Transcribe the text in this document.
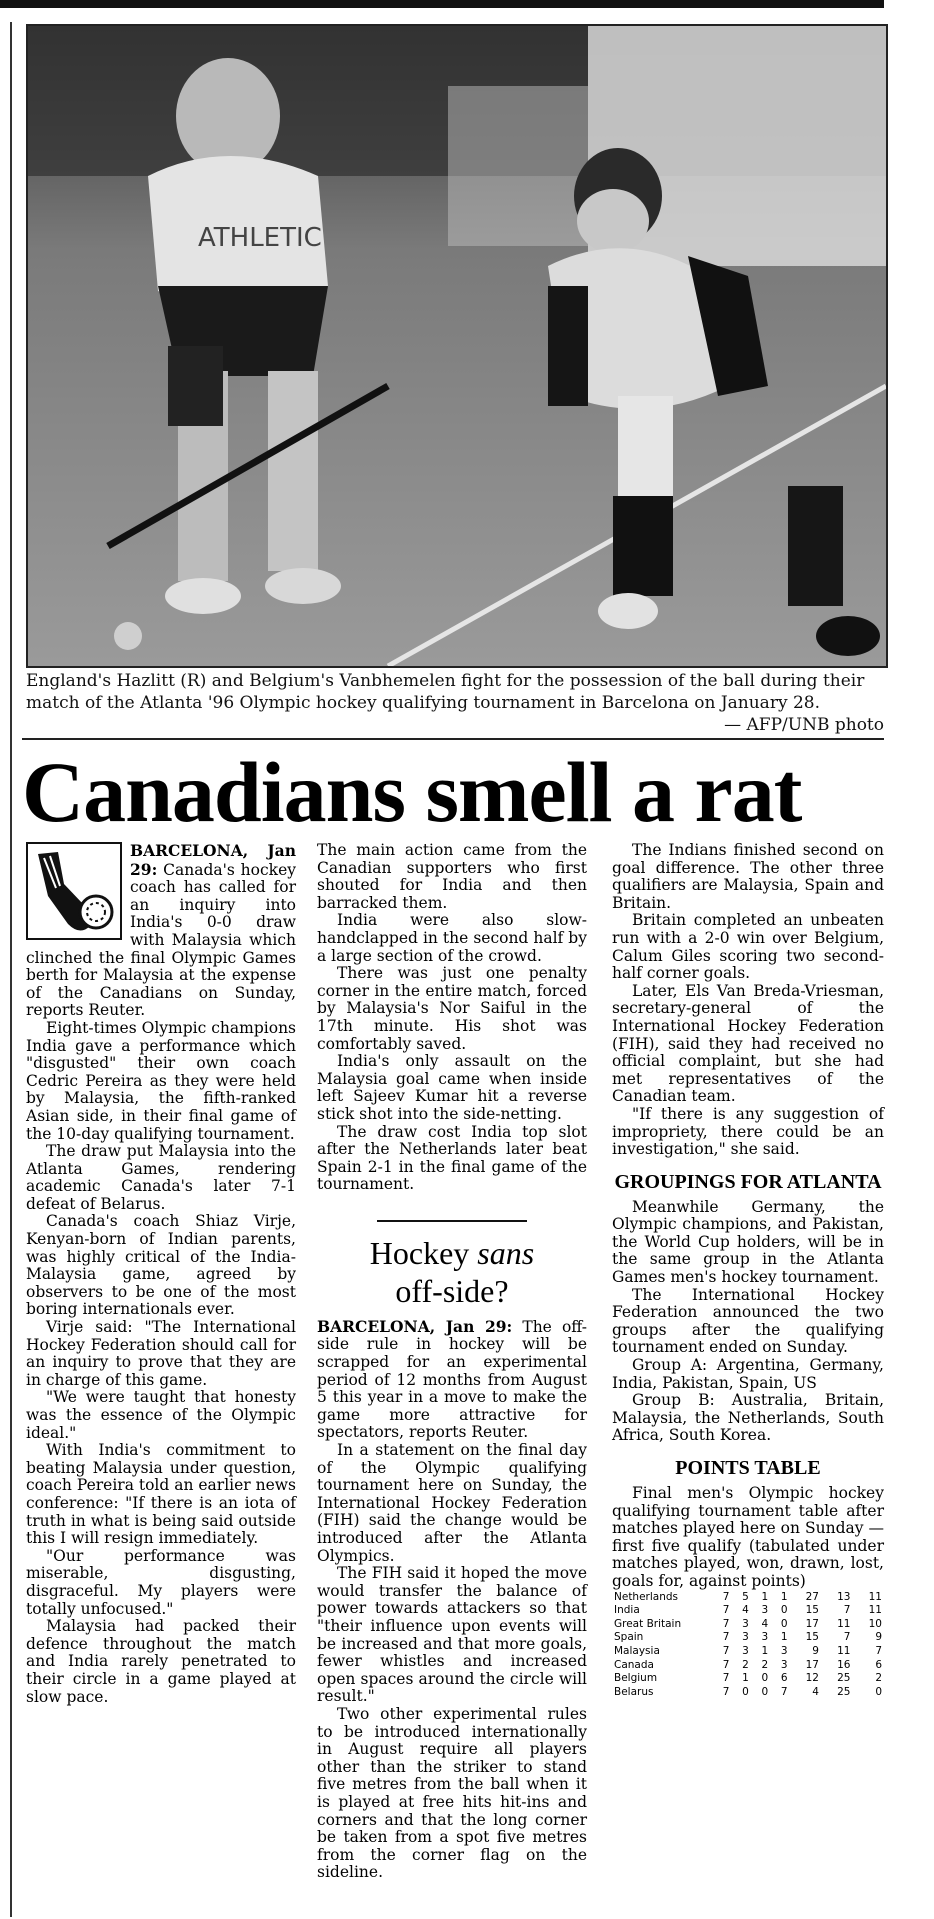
ATHLETIC

England's Hazlitt (R) and Belgium's Vanbhemelen fight for the possession of the ball during their match of the Atlanta '96 Olympic hockey qualifying tournament in Barcelona on January 28.

— AFP/UNB photo

Canadians smell a rat

BARCELONA, Jan 29: Canada's hockey coach has called for an inquiry into India's 0-0 draw with Malaysia which clinched the final Olympic Games berth for Malaysia at the expense of the Canadians on Sunday, reports Reuter.

Eight-times Olympic champions India gave a performance which "disgusted" their own coach Cedric Pereira as they were held by Malaysia, the fifth-ranked Asian side, in their final game of the 10-day qualifying tournament.

The draw put Malaysia into the Atlanta Games, rendering academic Canada's later 7-1 defeat of Belarus.

Canada's coach Shiaz Virje, Kenyan-born of Indian parents, was highly critical of the India-Malaysia game, agreed by observers to be one of the most boring internationals ever.

Virje said: "The International Hockey Federation should call for an inquiry to prove that they are in charge of this game.

"We were taught that honesty was the essence of the Olympic ideal."

With India's commitment to beating Malaysia under question, coach Pereira told an earlier news conference: "If there is an iota of truth in what is being said outside this I will resign immediately.

"Our performance was miserable, disgusting, disgraceful. My players were totally unfocused."

Malaysia had packed their defence throughout the match and India rarely penetrated to their circle in a game played at slow pace.

The main action came from the Canadian supporters who first shouted for India and then barracked them.

India were also slow-handclapped in the second half by a large section of the crowd.

There was just one penalty corner in the entire match, forced by Malaysia's Nor Saiful in the 17th minute. His shot was comfortably saved.

India's only assault on the Malaysia goal came when inside left Sajeev Kumar hit a reverse stick shot into the side-netting.

The draw cost India top slot after the Netherlands later beat Spain 2-1 in the final game of the tournament.

Hockey sans
off-side?

BARCELONA, Jan 29: The off-side rule in hockey will be scrapped for an experimental period of 12 months from August 5 this year in a move to make the game more attractive for spectators, reports Reuter.

In a statement on the final day of the Olympic qualifying tournament here on Sunday, the International Hockey Federation (FIH) said the change would be introduced after the Atlanta Olympics.

The FIH said it hoped the move would transfer the balance of power towards attackers so that "their influence upon events will be increased and that more goals, fewer whistles and increased open spaces around the circle will result."

Two other experimental rules to be introduced internationally in August require all players other than the striker to stand five metres from the ball when it is played at free hits hit-ins and corners and that the long corner be taken from a spot five metres from the corner flag on the sideline.

The Indians finished second on goal difference. The other three qualifiers are Malaysia, Spain and Britain.

Britain completed an unbeaten run with a 2-0 win over Belgium, Calum Giles scoring two second-half corner goals.

Later, Els Van Breda-Vriesman, secretary-general of the International Hockey Federation (FIH), said they had received no official complaint, but she had met representatives of the Canadian team.

"If there is any suggestion of impropriety, there could be an investigation," she said.

GROUPINGS FOR ATLANTA

Meanwhile Germany, the Olympic champions, and Pakistan, the World Cup holders, will be in the same group in the Atlanta Games men's hockey tournament.

The International Hockey Federation announced the two groups after the qualifying tournament ended on Sunday.

Group A: Argentina, Germany, India, Pakistan, Spain, US

Group B: Australia, Britain, Malaysia, the Netherlands, South Africa, South Korea.

POINTS TABLE

Final men's Olympic hockey qualifying tournament table after matches played here on Sunday — first five qualify (tabulated under matches played, won, drawn, lost, goals for, against points)

Netherlands	7	5	1	1	27	13	11
India	7	4	3	0	15	7	11
Great Britain	7	3	4	0	17	11	10
Spain	7	3	3	1	15	7	9
Malaysia	7	3	1	3	9	11	7
Canada	7	2	2	3	17	16	6
Belgium	7	1	0	6	12	25	2
Belarus	7	0	0	7	4	25	0
